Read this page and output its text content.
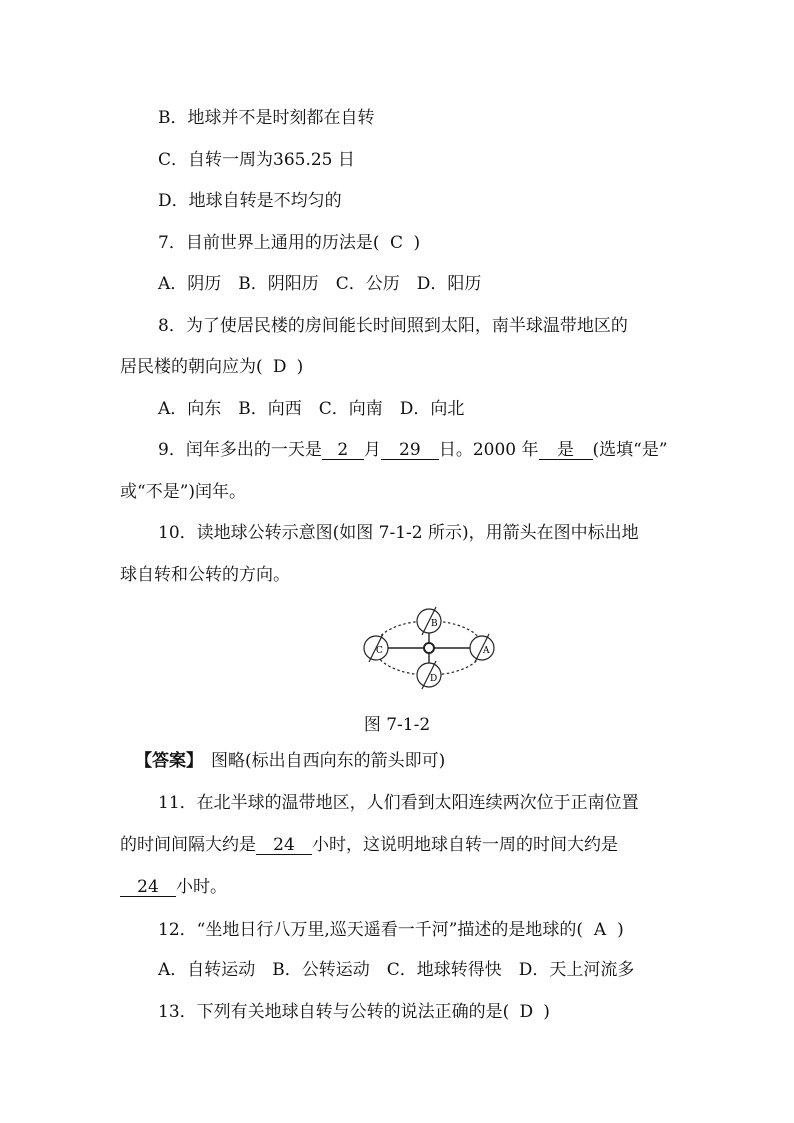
B．地球并不是时刻都在自转
C．自转一周为365.25 日
D．地球自转是不均匀的
7．目前世界上通用的历法是( C )
A．阴历　B．阴阳历　C．公历　D．阳历
8．为了使居民楼的房间能长时间照到太阳，南半球温带地区的
居民楼的朝向应为( D )
A．向东　B．向西　C．向南　D．向北
9．闰年多出的一天是 2 月 29 日。2000 年 是 (选填“是”
或“不是”)闰年。
10．读地球公转示意图(如图 7-1-2 所示)，用箭头在图中标出地
球自转和公转的方向。
B
A
D
C
图 7-1-2
【答案】 图略(标出自西向东的箭头即可)
11．在北半球的温带地区，人们看到太阳连续两次位于正南位置
的时间间隔大约是 24 小时，这说明地球自转一周的时间大约是
24 小时。
12．“坐地日行八万里,巡天遥看一千河”描述的是地球的( A )
A．自转运动　B．公转运动　C．地球转得快　D．天上河流多
13．下列有关地球自转与公转的说法正确的是( D )
